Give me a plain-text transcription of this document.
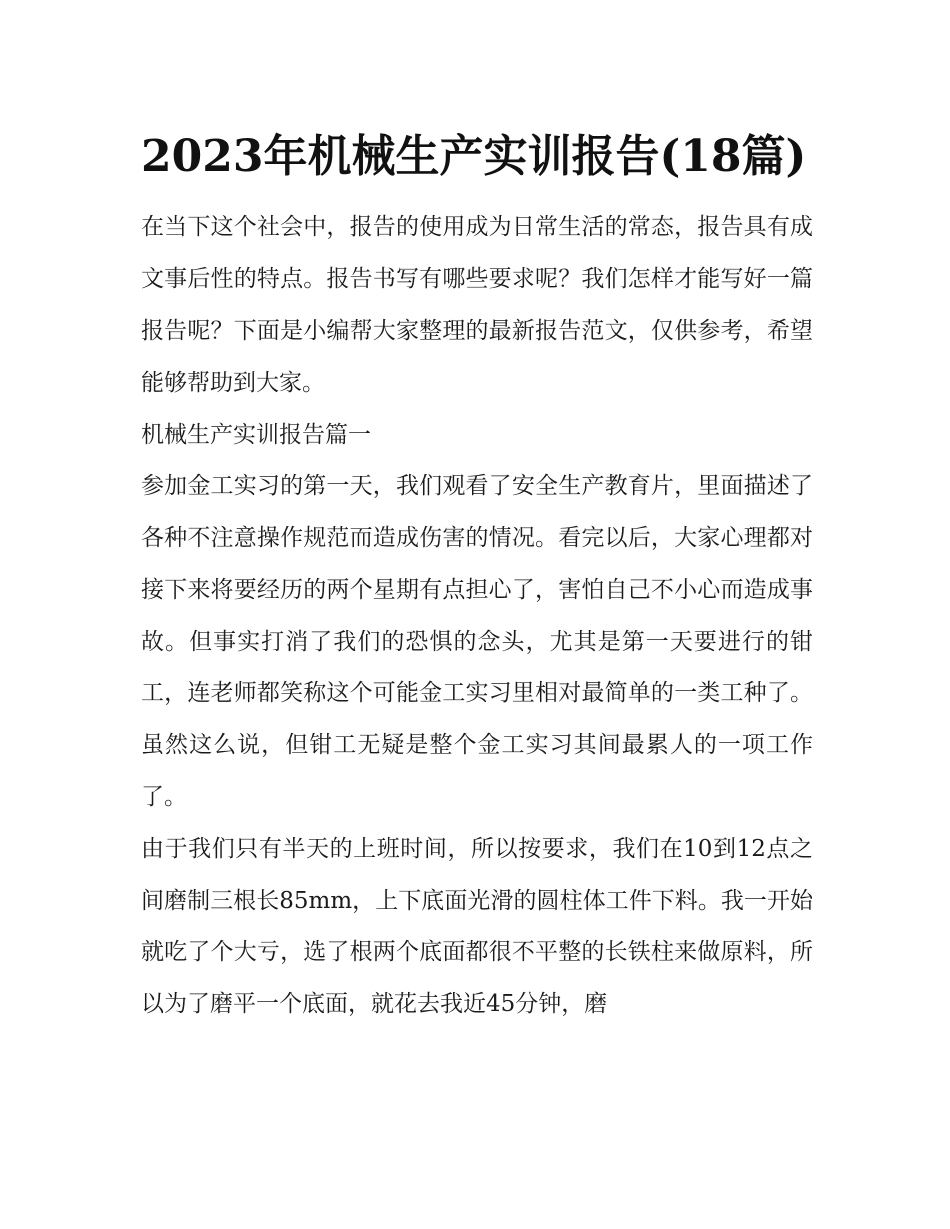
2023年机械生产实训报告(18篇)

在当下这个社会中，报告的使用成为日常生活的常态，报告具有成文事后性的特点。报告书写有哪些要求呢？我们怎样才能写好一篇报告呢？下面是小编帮大家整理的最新报告范文，仅供参考，希望能够帮助到大家。

机械生产实训报告篇一

参加金工实习的第一天，我们观看了安全生产教育片，里面描述了各种不注意操作规范而造成伤害的情况。看完以后，大家心理都对接下来将要经历的两个星期有点担心了，害怕自己不小心而造成事故。但事实打消了我们的恐惧的念头，尤其是第一天要进行的钳工，连老师都笑称这个可能金工实习里相对最简单的一类工种了。虽然这么说，但钳工无疑是整个金工实习其间最累人的一项工作了。

由于我们只有半天的上班时间，所以按要求，我们在10到12点之间磨制三根长85mm，上下底面光滑的圆柱体工件下料。我一开始就吃了个大亏，选了根两个底面都很不平整的长铁柱来做原料，所以为了磨平一个底面，就花去我近45分钟，磨
